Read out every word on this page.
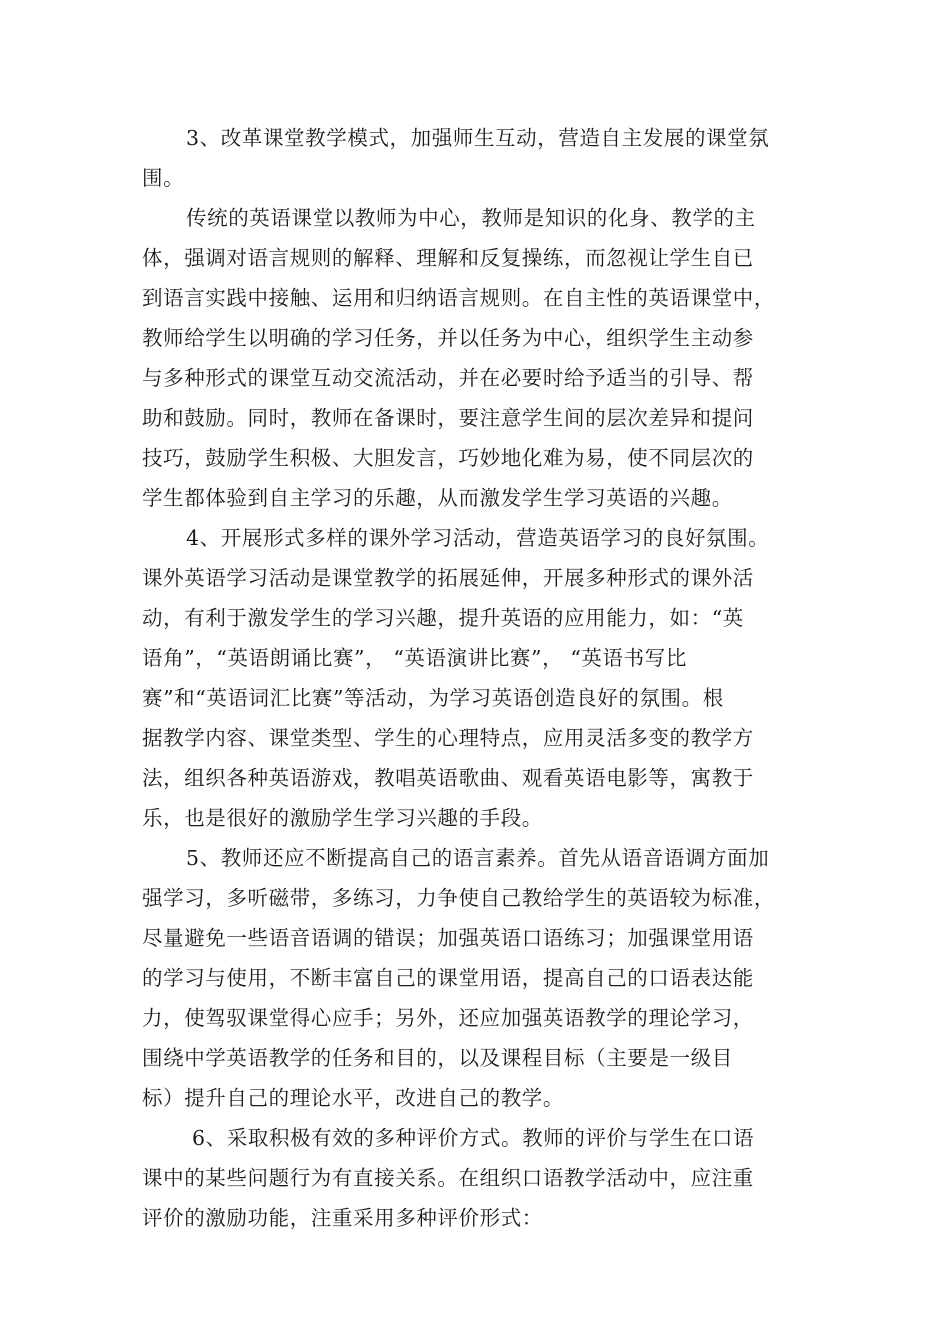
3、改革课堂教学模式，加强师生互动，营造自主发展的课堂氛
围。
传统的英语课堂以教师为中心，教师是知识的化身、教学的主
体，强调对语言规则的解释、理解和反复操练，而忽视让学生自已
到语言实践中接触、运用和归纳语言规则。在自主性的英语课堂中，
教师给学生以明确的学习任务，并以任务为中心，组织学生主动参
与多种形式的课堂互动交流活动，并在必要时给予适当的引导、帮
助和鼓励。同时，教师在备课时，要注意学生间的层次差异和提问
技巧，鼓励学生积极、大胆发言，巧妙地化难为易，使不同层次的
学生都体验到自主学习的乐趣，从而激发学生学习英语的兴趣。
4、开展形式多样的课外学习活动，营造英语学习的良好氛围。
课外英语学习活动是课堂教学的拓展延伸，开展多种形式的课外活
动，有利于激发学生的学习兴趣，提升英语的应用能力，如：“英
语角”，“英语朗诵比赛”， “英语演讲比赛”， “英语书写比
赛”和“英语词汇比赛”等活动，为学习英语创造良好的氛围。根
据教学内容、课堂类型、学生的心理特点，应用灵活多变的教学方
法，组织各种英语游戏，教唱英语歌曲、观看英语电影等，寓教于
乐，也是很好的激励学生学习兴趣的手段。
5、教师还应不断提高自己的语言素养。首先从语音语调方面加
强学习，多听磁带，多练习，力争使自己教给学生的英语较为标准，
尽量避免一些语音语调的错误；加强英语口语练习；加强课堂用语
的学习与使用，不断丰富自己的课堂用语，提高自己的口语表达能
力，使驾驭课堂得心应手；另外，还应加强英语教学的理论学习，
围绕中学英语教学的任务和目的，以及课程目标（主要是一级目
标）提升自己的理论水平，改进自己的教学。
6、采取积极有效的多种评价方式。教师的评价与学生在口语
课中的某些问题行为有直接关系。在组织口语教学活动中，应注重
评价的激励功能，注重采用多种评价形式：
